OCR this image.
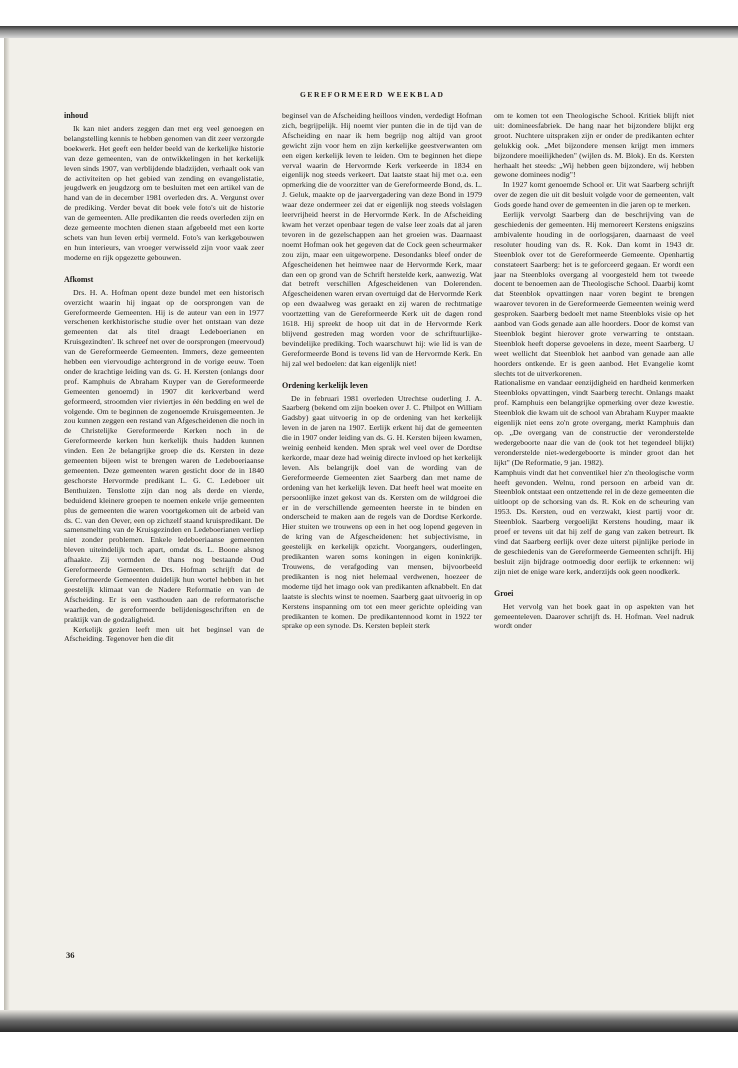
GEREFORMEERD WEEKBLAD
inhoud

Ik kan niet anders zeggen dan met erg veel genoegen en belangstelling kennis te hebben genomen van dit zeer verzorgde boekwerk. Het geeft een helder beeld van de kerkelijke historie van deze gemeenten, van de ontwikkelingen in het kerkelijk leven sinds 1907, van verblijdende bladzijden, verhaalt ook van de activiteiten op het gebied van zending en evangelistatie, jeugdwerk en jeugdzorg om te besluiten met een artikel van de hand van de in december 1981 overleden drs. A. Vergunst over de prediking. Verder bevat dit boek vele foto's uit de historie van de gemeenten. Alle predikanten die reeds overleden zijn en deze gemeente mochten dienen staan afgebeeld met een korte schets van hun leven erbij vermeld. Foto's van kerkgebouwen en hun interieurs, van vroeger verwisseld zijn voor vaak zeer moderne en rijk opgezette gebouwen.

Afkomst

Drs. H. A. Hofman opent deze bundel met een historisch overzicht waarin hij ingaat op de oorsprongen van de Gereformeerde Gemeenten. Hij is de auteur van een in 1977 verschenen kerkhistorische studie over het ontstaan van deze gemeenten dat als titel draagt Ledeboerianen en Kruisgezindten'. Ik schreef net over de oorsprongen (meervoud) van de Gereformeerde Gemeenten. Immers, deze gemeenten hebben een viervoudige achtergrond in de vorige eeuw. Toen onder de krachtige leiding van ds. G. H. Kersten (onlangs door prof. Kamphuis de Abraham Kuyper van de Gereformeerde Gemeenten genoemd) in 1907 dit kerkverband werd geformeerd, stroomden vier riviertjes in één bedding en wel de volgende. Om te beginnen de zogenoemde Kruisgemeenten. Je zou kunnen zeggen een restand van Afgescheidenen die noch in de Christelijke Gereformeerde Kerken noch in de Gereformeerde kerken hun kerkelijk thuis hadden kunnen vinden. Een 2e belangrijke groep die ds. Kersten in deze gemeenten bijeen wist te brengen waren de Ledeboeriaanse gemeenten. Deze gemeenten waren gesticht door de in 1840 geschorste Hervormde predikant L. G. C. Ledeboer uit Benthuizen. Tenslotte zijn dan nog als derde en vierde, beduidend kleinere groepen te noemen enkele vrije gemeenten plus de gemeenten die waren voortgekomen uit de arbeid van ds. C. van den Oever, een op zichzelf staand kruispredikant. De samensmelting van de Kruisgezinden en Ledeboerianen verliep niet zonder problemen. Enkele ledeboeriaanse gemeenten bleven uiteindelijk toch apart, omdat ds. L. Boone alsnog afhaakte. Zij vormden de thans nog bestaande Oud Gereformeerde Gemeenten. Drs. Hofman schrijft dat de Gereformeerde Gemeenten duidelijk hun wortel hebben in het geestelijk klimaat van de Nadere Reformatie en van de Afscheiding. Er is een vasthouden aan de reformatorische waarheden, de gereformeerde belijdenisgeschriften en de praktijk van de godzaligheid.

Kerkelijk gezien leeft men uit het beginsel van de Afscheiding. Tegenover hen die dit

beginsel van de Afscheiding heilloos vinden, verdedigt Hofman zich, begrijpelijk. Hij noemt vier punten die in de tijd van de Afscheiding en naar ik hem begrijp nog altijd van groot gewicht zijn voor hem en zijn kerkelijke geestverwanten om een eigen kerkelijk leven te leiden. Om te beginnen het diepe verval waarin de Hervormde Kerk verkeerde in 1834 en eigenlijk nog steeds verkeert. Dat laatste staat hij met o.a. een opmerking die de voorzitter van de Gereformeerde Bond, ds. L. J. Geluk, maakte op de jaarvergadering van deze Bond in 1979 waar deze ondermeer zei dat er eigenlijk nog steeds volslagen leervrijheid heerst in de Hervormde Kerk. In de Afscheiding kwam het verzet openbaar tegen de valse leer zoals dat al jaren tevoren in de gezelschappen aan het groeien was. Daarnaast noemt Hofman ook het gegeven dat de Cock geen scheurmaker zou zijn, maar een uitgeworpene. Desondanks bleef onder de Afgescheidenen het heimwee naar de Hervormde Kerk, maar dan een op grond van de Schrift herstelde kerk, aanwezig. Wat dat betreft verschillen Afgescheidenen van Dolerenden. Afgescheidenen waren ervan overtuigd dat de Hervormde Kerk op een dwaalweg was geraakt en zij waren de rechtmatige voortzetting van de Gereformeerde Kerk uit de dagen rond 1618. Hij spreekt de hoop uit dat in de Hervormde Kerk blijvend gestreden mag worden voor de schriftuurlijke-bevindelijke prediking. Toch waarschuwt hij: wie lid is van de Gereformeerde Bond is tevens lid van de Hervormde Kerk. En hij zal wel bedoelen: dat kan eigenlijk niet!

Ordening kerkelijk leven

De in februari 1981 overleden Utrechtse ouderling J. A. Saarberg (bekend om zijn boeken over J. C. Philpot en William Gadsby) gaat uitvoerig in op de ordening van het kerkelijk leven in de jaren na 1907. Eerlijk erkent hij dat de gemeenten die in 1907 onder leiding van ds. G. H. Kersten bijeen kwamen, weinig eenheid kenden. Men sprak wel veel over de Dordtse kerkorde, maar deze had weinig directe invloed op het kerkelijk leven. Als belangrijk doel van de wording van de Gereformeerde Gemeenten ziet Saarberg dan met name de ordening van het kerkelijk leven. Dat heeft heel wat moeite en persoonlijke inzet gekost van ds. Kersten om de wildgroei die er in de verschillende gemeenten heerste in te binden en onderscheid te maken aan de regels van de Dordtse Kerkorde. Hier stuiten we trouwens op een in het oog lopend gegeven in de kring van de Afgescheidenen: het subjectivisme, in geestelijk en kerkelijk opzicht. Voorgangers, ouderlingen, predikanten waren soms koningen in eigen koninkrijk. Trouwens, de verafgoding van mensen, bijvoorbeeld predikanten is nog niet helemaal verdwenen, hoezeer de moderne tijd het imago ook van predikanten afknabbelt. En dat laatste is slechts winst te noemen. Saarberg gaat uitvoerig in op Kerstens inspanning om tot een meer gerichte opleiding van predikanten te komen. De predikantennood komt in 1922 ter sprake op een synode. Ds. Kersten bepleit sterk

om te komen tot een Theologische School. Kritiek blijft niet uit: domineesfabriek. De hang naar het bijzondere blijkt erg groot. Nuchtere uitspraken zijn er onder de predikanten echter gelukkig ook. „Met bijzondere mensen krijgt men immers bijzondere moeilijkheden" (wijlen ds. M. Blok). En ds. Kersten herhaalt het steeds: „Wij hebben geen bijzondere, wij hebben gewone dominees nodig"!

In 1927 komt genoemde School er. Uit wat Saarberg schrijft over de zegen die uit dit besluit volgde voor de gemeenten, valt Gods goede hand over de gemeenten in die jaren op te merken.

Eerlijk vervolgt Saarberg dan de beschrijving van de geschiedenis der gemeenten. Hij memoreert Kerstens enigszins ambivalente houding in de oorlogsjaren, daarnaast de veel resoluter houding van ds. R. Kok. Dan komt in 1943 dr. Steenblok over tot de Gereformeerde Gemeente. Openhartig constateert Saarberg: het is te geforceerd gegaan. Er wordt een jaar na Steenbloks overgang al voorgesteld hem tot tweede docent te benoemen aan de Theologische School. Daarbij komt dat Steenblok opvattingen naar voren begint te brengen waarover tevoren in de Gereformeerde Gemeenten weinig werd gesproken. Saarberg bedoelt met name Steenbloks visie op het aanbod van Gods genade aan alle hoorders. Door de komst van Steenblok begint hierover grote verwarring te ontstaan. Steenblok heeft doperse gevoelens in deze, meent Saarberg. U weet wellicht dat Steenblok het aanbod van genade aan alle hoorders ontkende. Er is geen aanbod. Het Evangelie komt slechts tot de uitverkorenen.

Rationalisme en vandaar eenzijdigheid en hardheid kenmerken Steenbloks opvattingen, vindt Saarberg terecht. Onlangs maakt prof. Kamphuis een belangrijke opmerking over deze kwestie. Steenblok die kwam uit de school van Abraham Kuyper maakte eigenlijk niet eens zo'n grote overgang, merkt Kamphuis dan op. „De overgang van de constructie der veronderstelde wedergeboorte naar die van de (ook tot het tegendeel blijkt) veronderstelde niet-wedergeboorte is minder groot dan het lijkt" (De Reformatie, 9 jan. 1982).

Kamphuis vindt dat het conventikel hier z'n theologische vorm heeft gevonden. Welnu, rond persoon en arbeid van dr. Steenblok ontstaat een ontzettende rel in de deze gemeenten die uitloopt op de schorsing van ds. R. Kok en de scheuring van 1953. Ds. Kersten, oud en verzwakt, kiest partij voor dr. Steenblok. Saarberg vergoelijkt Kerstens houding, maar ik proef er tevens uit dat hij zelf de gang van zaken betreurt. Ik vind dat Saarberg eerlijk over deze uiterst pijnlijke periode in de geschiedenis van de Gereformeerde Gemeenten schrijft. Hij besluit zijn bijdrage ootmoedig door eerlijk te erkennen: wij zijn niet de enige ware kerk, anderzijds ook geen noodkerk.

Groei

Het vervolg van het boek gaat in op aspekten van het gemeenteleven. Daarover schrijft ds. H. Hofman. Veel nadruk wordt onder

36
